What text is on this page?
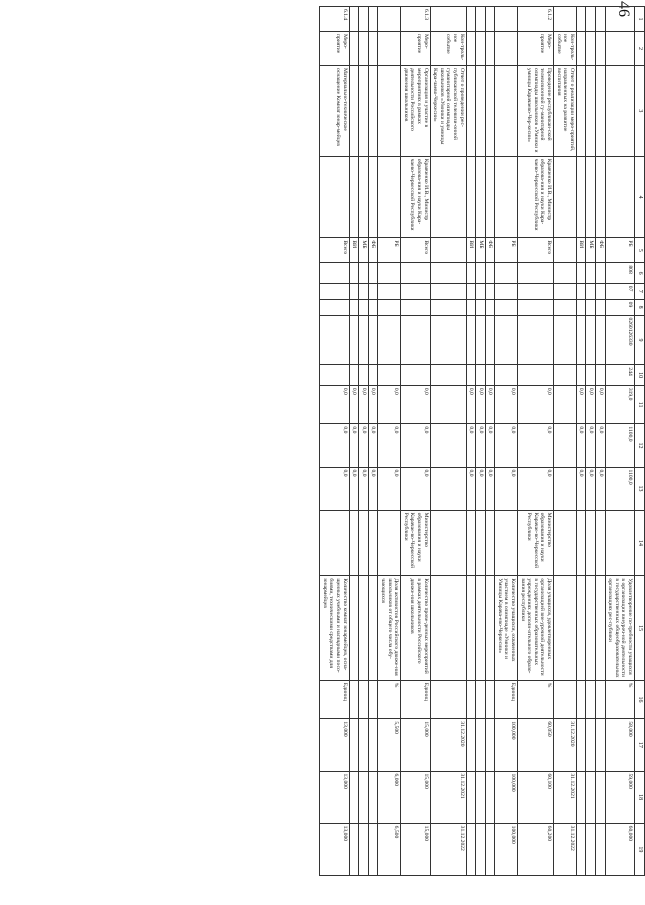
46
1	2	3	4	5	6	7	8	9	10	11	12	13	14	15	16	17	18	19
				РБ	808	07	09	0260126330	244	319,0	1100,0	1100,0		Удовлетворение по-требности учащихся в организации внеуроч-ной деятельности в государственных общеобразовательных организациях рес-публики	%	58,000	59,000	60,000
				ФБ						0,0	0,0	0,0						
				МБ						0,0	0,0	0,0						
				ВИ						0,0	0,0	0,0						
	Кон-троль-ное событие	Отчет о реализации меро-приятий, направленных на развитие воспитания														31.12.2020	31.12.2021	31.12.2022
6.1.2	Меро-приятие	Проведение республикан-ской телевизионной гу-манитарной олимпиады школьников «Умники и умницы Карачаево-Чер-кесии»	Кравченко И.В., Министр образова-ния и науки Кара-чаево-Черкесской Республики	Всего						0,0	0,0	0,0	Министерство образования и науки Карачае-во-Черкесской Республики	Доля учащихся, удовлетворенных организацией вне-урочной деятельности в государственных образовательных учреждениях дополн-ительного образо-вания республики	%	60,050	60,100	60,200
				РБ						0,0	0,0	0,0		Количество учащихся, охваченных участием в олимпиаде «Умники и Умницы Карача-ево-Черкесии»	Единиц	100,000	100,000	100,000
				ФБ						0,0	0,0	0,0						
				МБ						0,0	0,0	0,0						
				ВИ						0,0	0,0	0,0						
	Кон-троль-ное событие	Отчет о проведении рес-публиканской телевизи-онной гуманитарной олимпиады школьников «Умники и умницы Кара-чаево-Черкесии»														31.12.2020	31.12.2021	31.12.2022
6.1.3	Меро-приятие	Организация и участие в мероприятиях в рамках деятельности Российского движения школьников	Кравченко И.В., Министр образова-ния и науки Кара-чаево-Черкесской Республики	Всего						0,0	0,0	0,0	Министерство образования и науки Карачае-во-Черкесской Республики	Количество прове-денных мероприятий в рамках деятельности Российского движе-ния школьников	Единиц	15,000	15,000	15,000
				РБ						0,0	0,0	0,0		Доля активистов Российского движе-ния школьников от общего числа обу-чающихся	%	5,500	6,000	6,500
				ФБ						0,0	0,0	0,0						
				МБ						0,0	0,0	0,0						
				ВИ						0,0	0,0	0,0						
6.1.4	Меро-приятие	Материально-техническое оснащение Комнат юнар-мейцев		Всего						0,0	0,0	0,0		Количество комнат юнармейцев, осна-щенных учебными и наглядными посо-биями, техническими средствами для юнармейцев	Единиц	13,000	13,000	13,000
